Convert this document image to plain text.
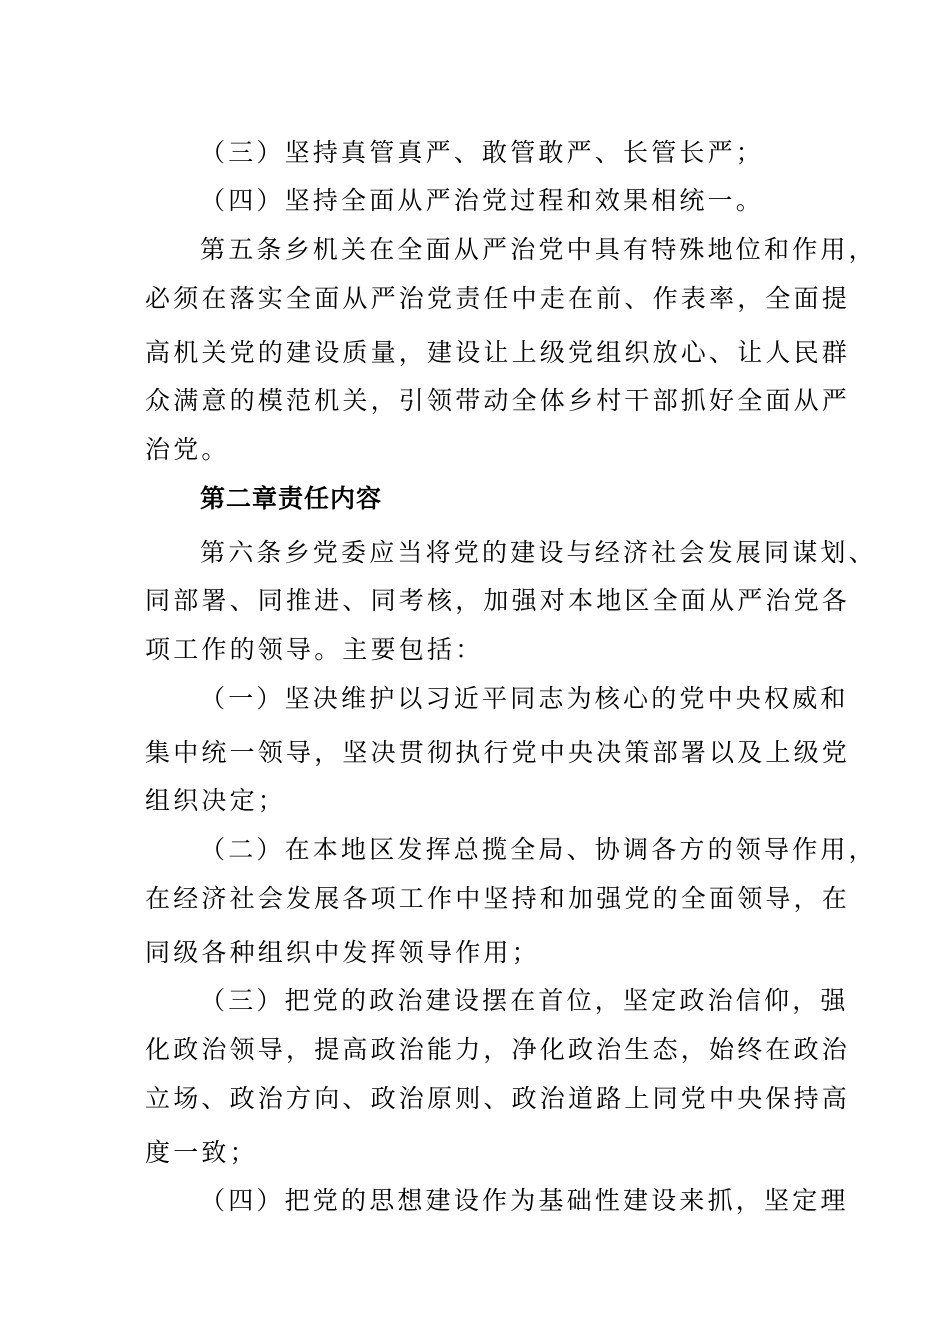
（三）坚持真管真严、敢管敢严、长管长严；
（四）坚持全面从严治党过程和效果相统一。
第五条乡机关在全面从严治党中具有特殊地位和作用，
必须在落实全面从严治党责任中走在前、作表率，全面提
高机关党的建设质量，建设让上级党组织放心、让人民群
众满意的模范机关，引领带动全体乡村干部抓好全面从严
治党。
第二章责任内容
第六条乡党委应当将党的建设与经济社会发展同谋划、
同部署、同推进、同考核，加强对本地区全面从严治党各
项工作的领导。主要包括：
（一）坚决维护以习近平同志为核心的党中央权威和
集中统一领导，坚决贯彻执行党中央决策部署以及上级党
组织决定；
（二）在本地区发挥总揽全局、协调各方的领导作用，
在经济社会发展各项工作中坚持和加强党的全面领导，在
同级各种组织中发挥领导作用；
（三）把党的政治建设摆在首位，坚定政治信仰，强
化政治领导，提高政治能力，净化政治生态，始终在政治
立场、政治方向、政治原则、政治道路上同党中央保持高
度一致；
（四）把党的思想建设作为基础性建设来抓，坚定理
